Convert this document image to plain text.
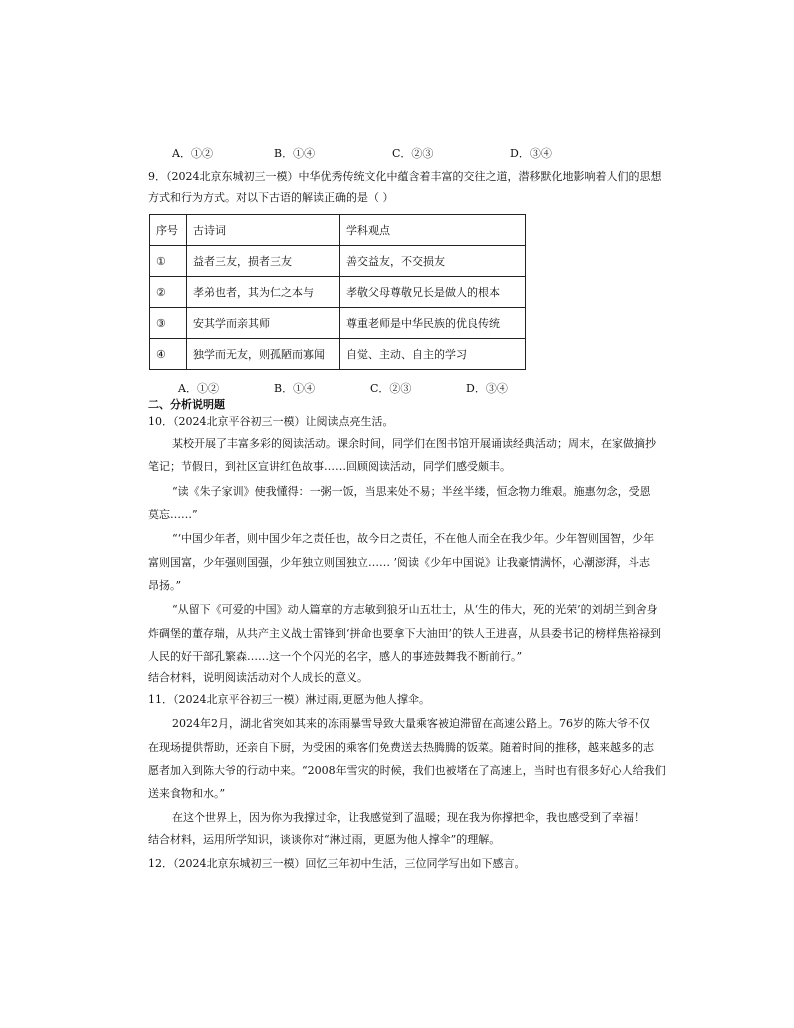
A．①②	B．①④	C．②③	D．③④
9．（2024北京东城初三一模）中华优秀传统文化中蕴含着丰富的交往之道，潜移默化地影响着人们的思想
方式和行为方式。对以下古语的解读正确的是（ ）
序号	古诗词	学科观点
①	益者三友，损者三友	善交益友，不交损友
②	孝弟也者，其为仁之本与	孝敬父母尊敬兄长是做人的根本
③	安其学而亲其师	尊重老师是中华民族的优良传统
④	独学而无友，则孤陋而寡闻	自觉、主动、自主的学习
A．①②	B．①④	C．②③	D．③④
二、分析说明题
10．（2024北京平谷初三一模）让阅读点亮生活。
某校开展了丰富多彩的阅读活动。课余时间，同学们在图书馆开展诵读经典活动；周末，在家做摘抄
笔记；节假日，到社区宣讲红色故事……回顾阅读活动，同学们感受颇丰。
“读《朱子家训》使我懂得：一粥一饭，当思来处不易；半丝半缕，恒念物力维艰。施惠勿念，受恩
莫忘……”
“‘中国少年者，则中国少年之责任也，故今日之责任，不在他人而全在我少年。少年智则国智，少年
富则国富，少年强则国强，少年独立则国独立…… ’阅读《少年中国说》让我豪情满怀，心潮澎湃，斗志
昂扬。”
“从留下《可爱的中国》动人篇章的方志敏到狼牙山五壮士，从‘生的伟大，死的光荣’的刘胡兰到舍身
炸碉堡的董存瑞，从共产主义战士雷锋到‘拼命也要拿下大油田’的铁人王进喜，从县委书记的榜样焦裕禄到
人民的好干部孔繁森……这一个个闪光的名字，感人的事迹鼓舞我不断前行。”
结合材料，说明阅读活动对个人成长的意义。
11．（2024北京平谷初三一模）淋过雨,更愿为他人撑伞。
2024年2月，湖北省突如其来的冻雨暴雪导致大量乘客被迫滞留在高速公路上。76岁的陈大爷不仅
在现场提供帮助，还亲自下厨，为受困的乘客们免费送去热腾腾的饭菜。随着时间的推移，越来越多的志
愿者加入到陈大爷的行动中来。“2008年雪灾的时候，我们也被堵在了高速上，当时也有很多好心人给我们
送来食物和水。”
在这个世界上，因为你为我撑过伞，让我感觉到了温暖；现在我为你撑把伞，我也感受到了幸福！
结合材料，运用所学知识，谈谈你对“淋过雨，更愿为他人撑伞”的理解。
12．（2024北京东城初三一模）回忆三年初中生活，三位同学写出如下感言。
